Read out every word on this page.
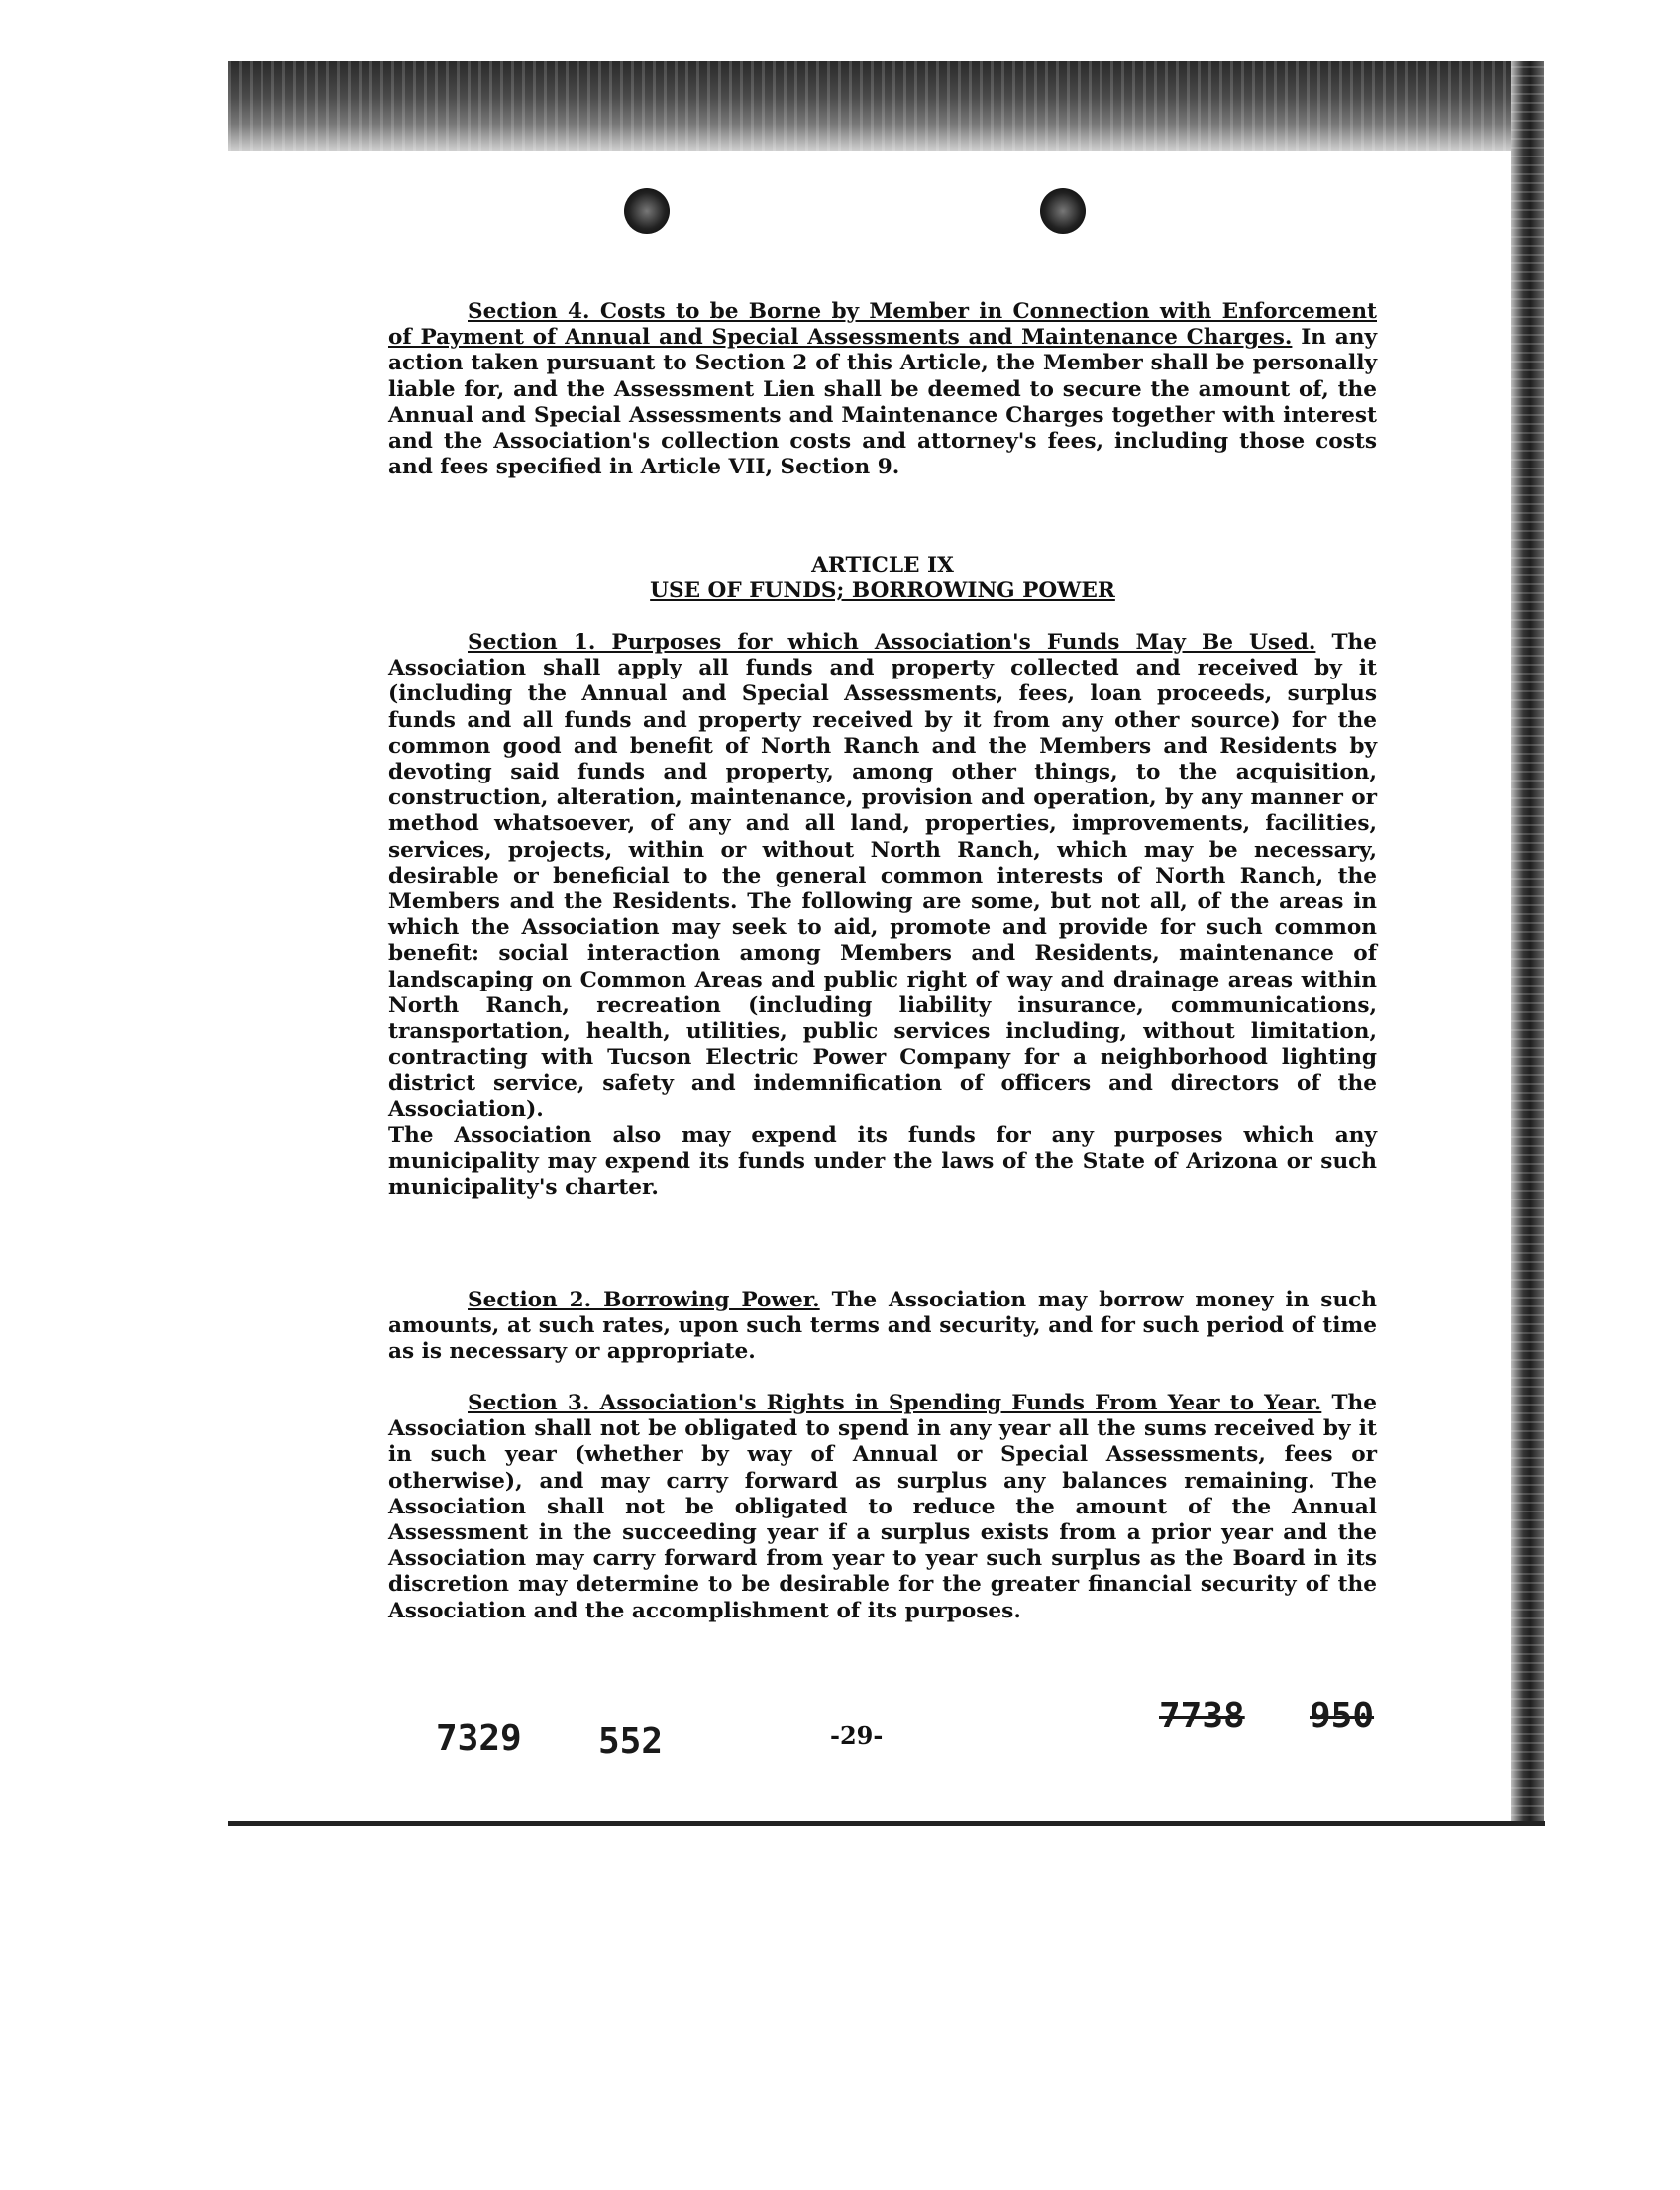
Section 4. Costs to be Borne by Member in Connection with Enforcement of Payment of Annual and Special Assessments and Maintenance Charges. In any action taken pursuant to Section 2 of this Article, the Member shall be personally liable for, and the Assessment Lien shall be deemed to secure the amount of, the Annual and Special Assessments and Maintenance Charges together with interest and the Association's collection costs and attorney's fees, including those costs and fees specified in Article VII, Section 9.

ARTICLE IX
USE OF FUNDS; BORROWING POWER

Section 1. Purposes for which Association's Funds May Be Used. The Association shall apply all funds and property collected and received by it (including the Annual and Special Assessments, fees, loan proceeds, surplus funds and all funds and property received by it from any other source) for the common good and benefit of North Ranch and the Members and Residents by devoting said funds and property, among other things, to the acquisition, construction, alteration, maintenance, provision and operation, by any manner or method whatsoever, of any and all land, properties, improvements, facilities, services, projects, within or without North Ranch, which may be necessary, desirable or beneficial to the general common interests of North Ranch, the Members and the Residents. The following are some, but not all, of the areas in which the Association may seek to aid, promote and provide for such common benefit: social interaction among Members and Residents, maintenance of landscaping on Common Areas and public right of way and drainage areas within North Ranch, recreation (including liability insurance, communications, transportation, health, utilities, public services including, without limitation, contracting with Tucson Electric Power Company for a neighborhood lighting district service, safety and indemnification of officers and directors of the Association).

The Association also may expend its funds for any purposes which any municipality may expend its funds under the laws of the State of Arizona or such municipality's charter.

Section 2. Borrowing Power. The Association may borrow money in such amounts, at such rates, upon such terms and security, and for such period of time as is necessary or appropriate.

Section 3. Association's Rights in Spending Funds From Year to Year. The Association shall not be obligated to spend in any year all the sums received by it in such year (whether by way of Annual or Special Assessments, fees or otherwise), and may carry forward as surplus any balances remaining. The Association shall not be obligated to reduce the amount of the Annual Assessment in the succeeding year if a surplus exists from a prior year and the Association may carry forward from year to year such surplus as the Board in its discretion may determine to be desirable for the greater financial security of the Association and the accomplishment of its purposes.

7329 552	-29-	7738 950
